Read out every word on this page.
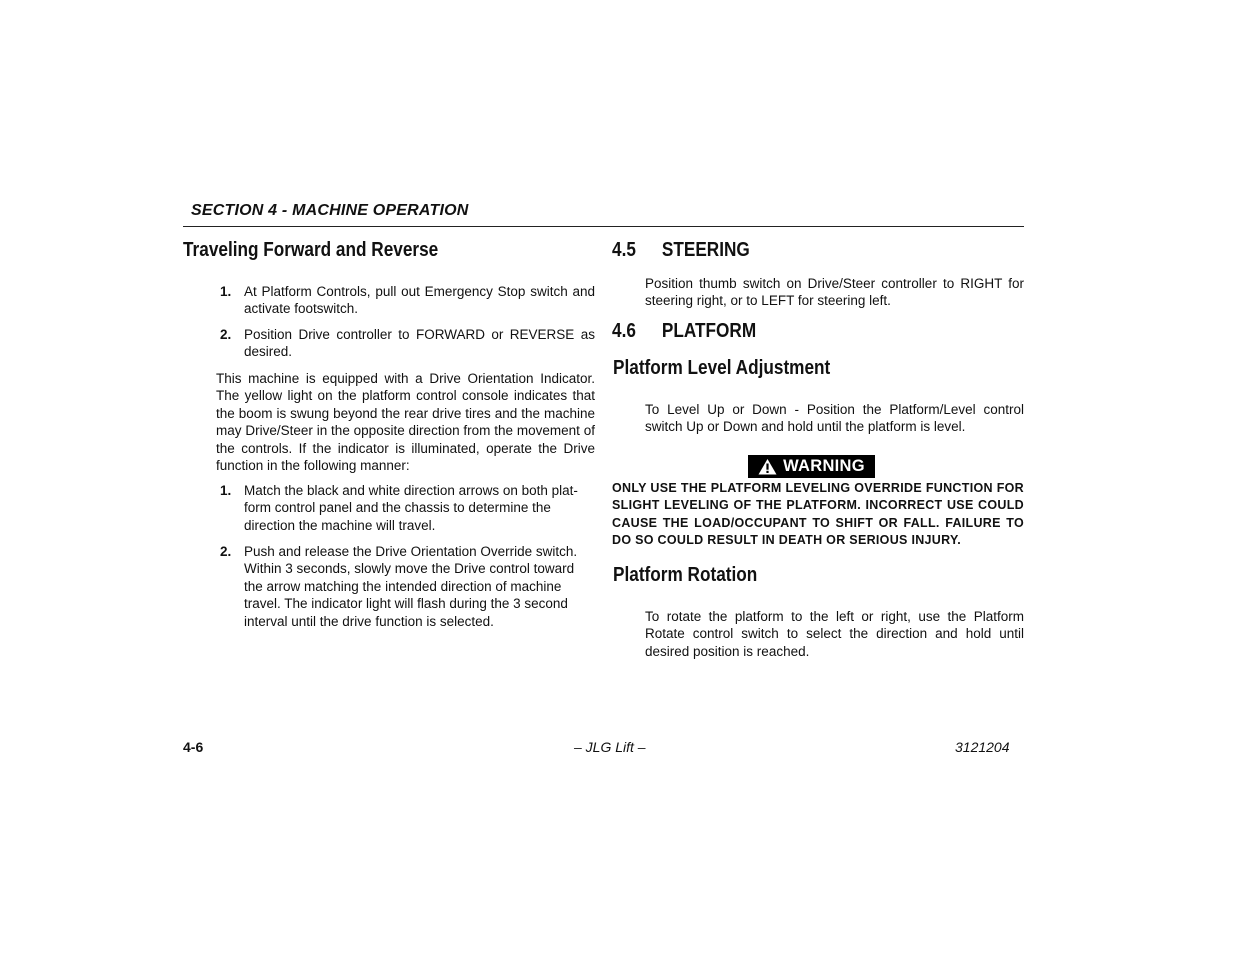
SECTION 4 - MACHINE OPERATION
Traveling Forward and Reverse
1. At Platform Controls, pull out Emergency Stop switch and activate footswitch.
2. Position Drive controller to FORWARD or REVERSE as desired.
This machine is equipped with a Drive Orientation Indicator. The yellow light on the platform control console indicates that the boom is swung beyond the rear drive tires and the machine may Drive/Steer in the opposite direction from the movement of the controls. If the indicator is illuminated, operate the Drive function in the following manner:
1. Match the black and white direction arrows on both plat-form control panel and the chassis to determine the direction the machine will travel.
2. Push and release the Drive Orientation Override switch. Within 3 seconds, slowly move the Drive control toward the arrow matching the intended direction of machine travel. The indicator light will flash during the 3 second interval until the drive function is selected.
4.5 STEERING
Position thumb switch on Drive/Steer controller to RIGHT for steering right, or to LEFT for steering left.
4.6 PLATFORM
Platform Level Adjustment
To Level Up or Down - Position the Platform/Level control switch Up or Down and hold until the platform is level.
WARNING
ONLY USE THE PLATFORM LEVELING OVERRIDE FUNCTION FOR SLIGHT LEVELING OF THE PLATFORM. INCORRECT USE COULD CAUSE THE LOAD/OCCUPANT TO SHIFT OR FALL. FAILURE TO DO SO COULD RESULT IN DEATH OR SERIOUS INJURY.
Platform Rotation
To rotate the platform to the left or right, use the Platform Rotate control switch to select the direction and hold until desired position is reached.
4-6	– JLG Lift –	3121204
